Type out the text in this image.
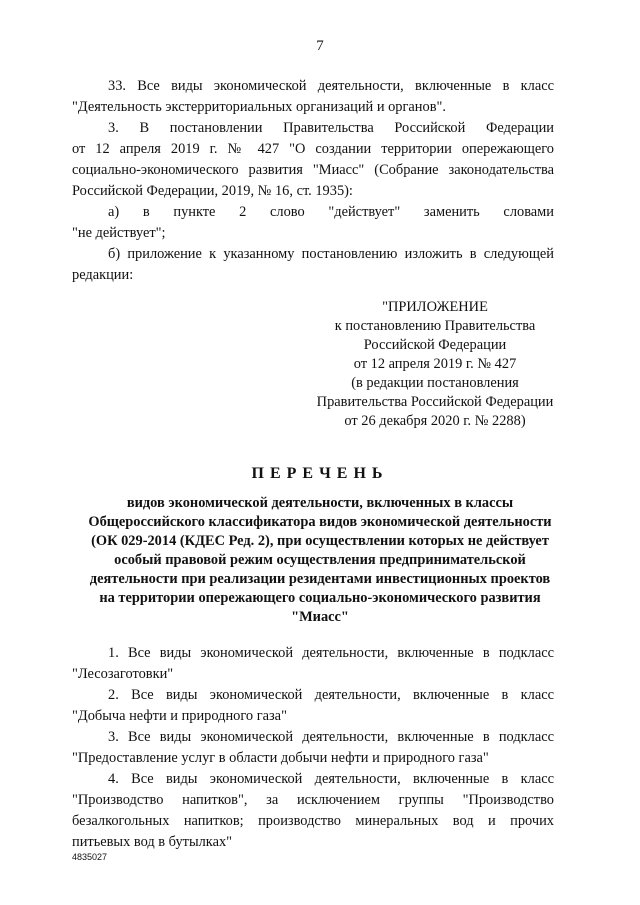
7

33. Все виды экономической деятельности, включенные в класс

"Деятельность экстерриториальных организаций и органов".

3. В постановлении Правительства Российской Федерации

от 12 апреля 2019 г. № 427 "О создании территории опережающего

социально-экономического развития "Миасс" (Собрание законодательства

Российской Федерации, 2019, № 16, ст. 1935):

а) в пункте 2 слово "действует" заменить словами

"не действует";

б) приложение к указанному постановлению изложить в следующей

редакции:

"ПРИЛОЖЕНИЕ
к постановлению Правительства
Российской Федерации
от 12 апреля 2019 г. № 427
(в редакции постановления
Правительства Российской Федерации
от 26 декабря 2020 г. № 2288)
ПЕРЕЧЕНЬ
видов экономической деятельности, включенных в классы
Общероссийского классификатора видов экономической деятельности
(ОК 029-2014 (КДЕС Ред. 2), при осуществлении которых не действует
особый правовой режим осуществления предпринимательской
деятельности при реализации резидентами инвестиционных проектов
на территории опережающего социально-экономического развития
"Миасс"

1. Все виды экономической деятельности, включенные в подкласс

"Лесозаготовки"

2. Все виды экономической деятельности, включенные в класс

"Добыча нефти и природного газа"

3. Все виды экономической деятельности, включенные в подкласс

"Предоставление услуг в области добычи нефти и природного газа"

4. Все виды экономической деятельности, включенные в класс

"Производство напитков", за исключением группы "Производство

безалкогольных напитков; производство минеральных вод и прочих

питьевых вод в бутылках"

4835027
